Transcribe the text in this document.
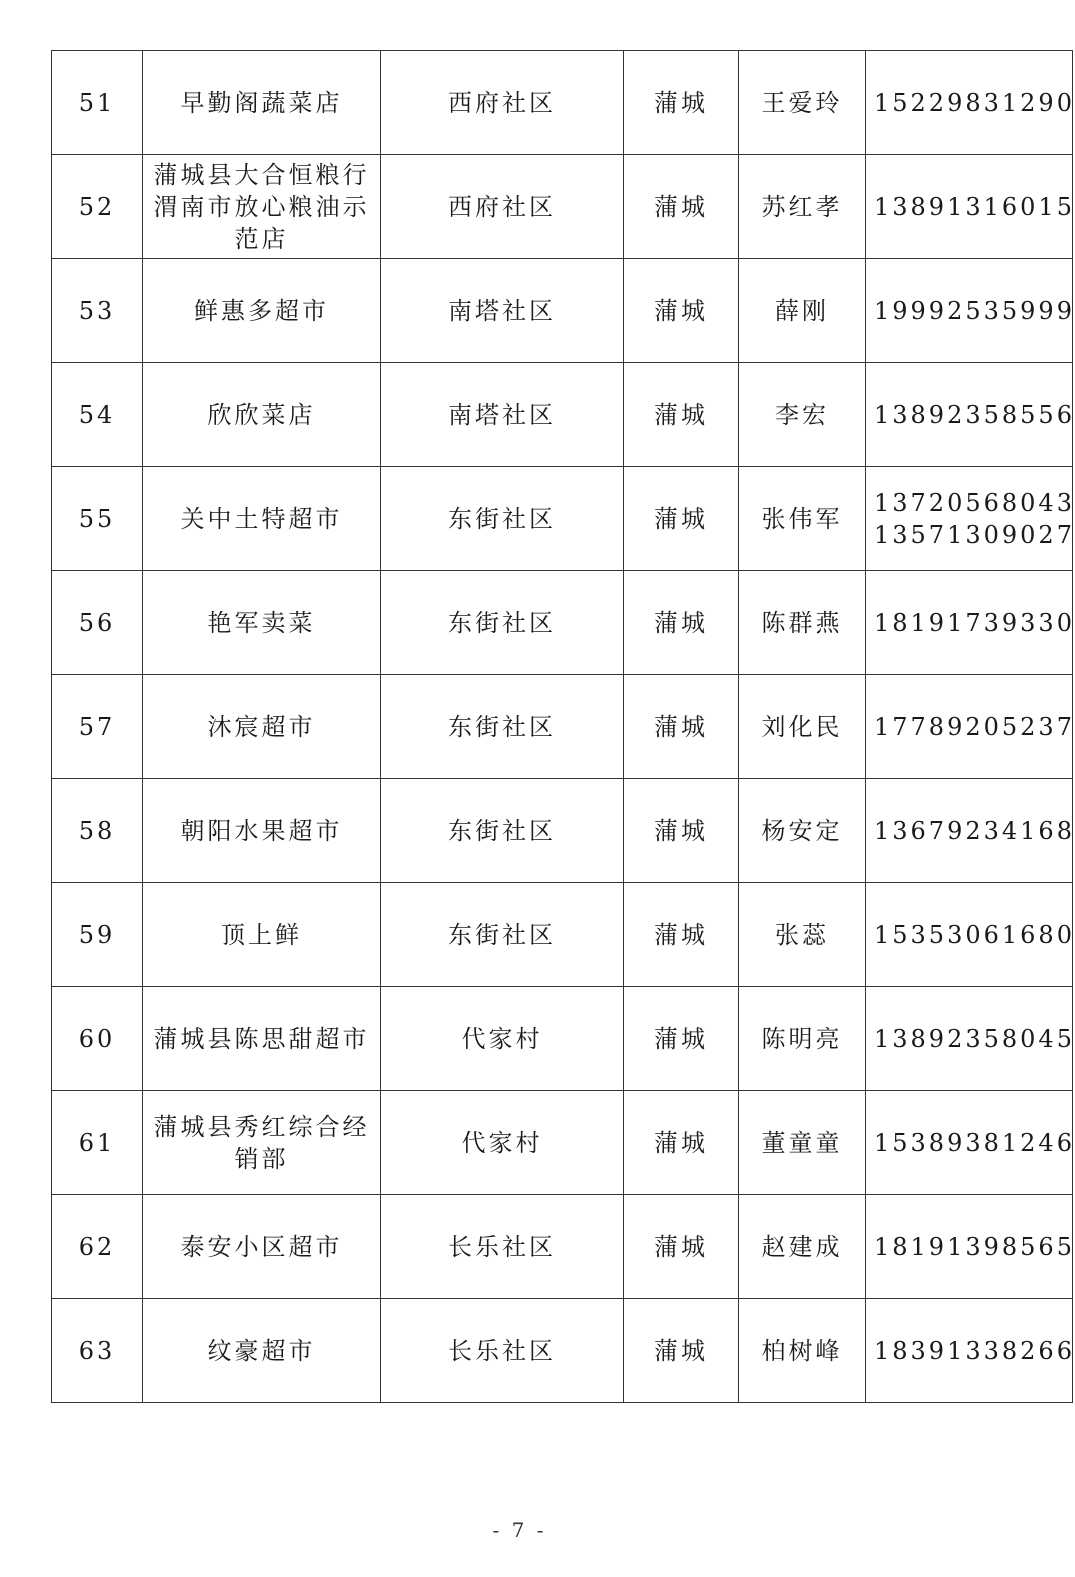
51	早勤阁蔬菜店	西府社区	蒲城	王爱玲	15229831290

52	蒲城县大合恒粮行渭南市放心粮油示范店	西府社区	蒲城	苏红孝	13891316015

53	鲜惠多超市	南塔社区	蒲城	薛刚	19992535999

54	欣欣菜店	南塔社区	蒲城	李宏	13892358556

55	关中土特超市	东街社区	蒲城	张伟军	13720568043
13571309027

56	艳军卖菜	东街社区	蒲城	陈群燕	18191739330

57	沐宸超市	东街社区	蒲城	刘化民	17789205237

58	朝阳水果超市	东街社区	蒲城	杨安定	13679234168

59	顶上鲜	东街社区	蒲城	张蕊	15353061680

60	蒲城县陈思甜超市	代家村	蒲城	陈明亮	13892358045

61	蒲城县秀红综合经销部	代家村	蒲城	董童童	15389381246

62	泰安小区超市	长乐社区	蒲城	赵建成	18191398565

63	纹豪超市	长乐社区	蒲城	柏树峰	18391338266
- 7 -
